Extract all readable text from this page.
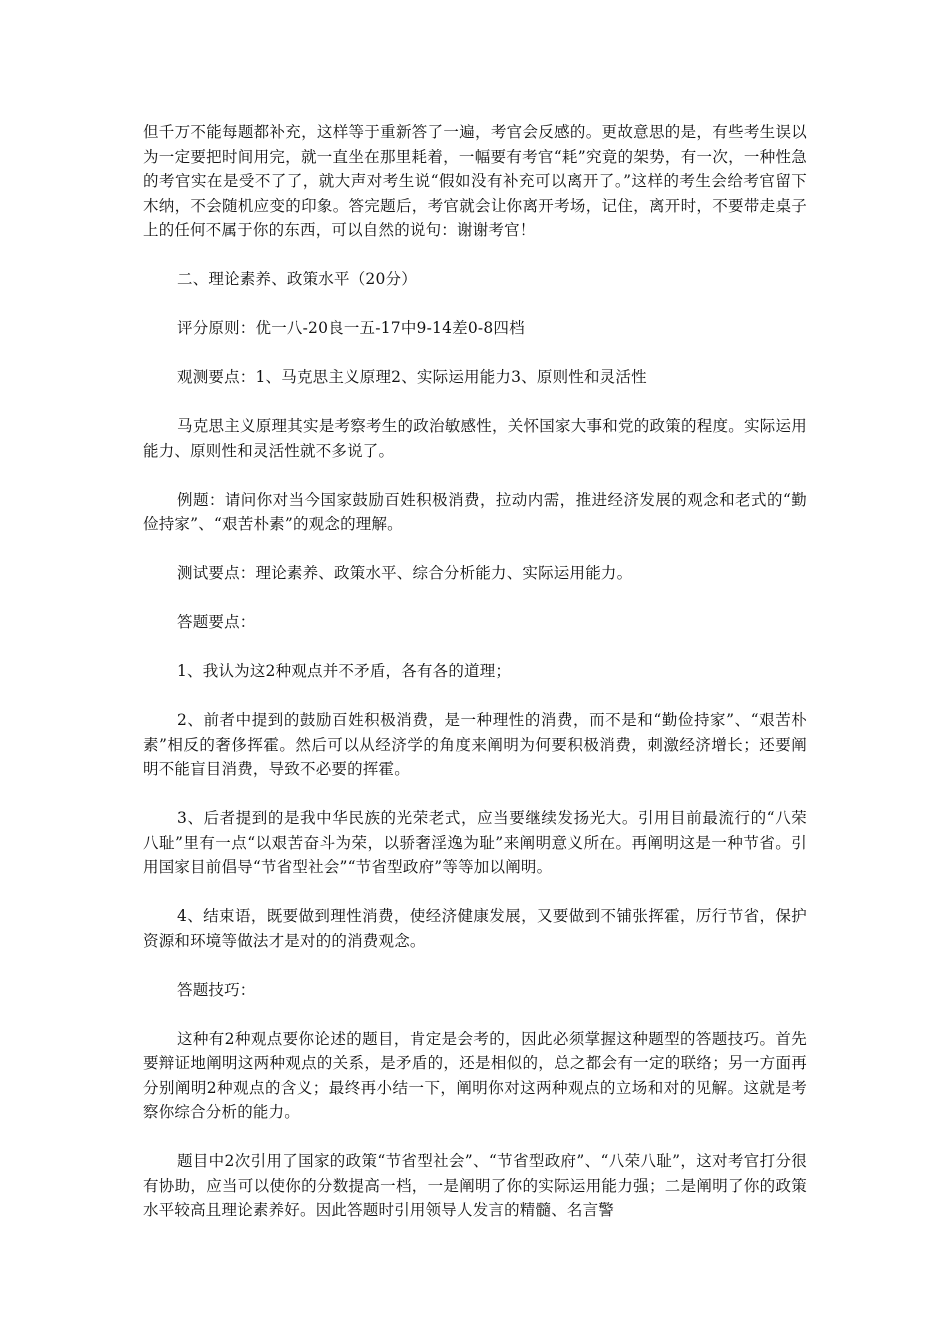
但千万不能每题都补充，这样等于重新答了一遍，考官会反感的。更故意思的是，有些考生误以为一定要把时间用完，就一直坐在那里耗着，一幅要有考官“耗”究竟的架势，有一次，一种性急的考官实在是受不了了，就大声对考生说“假如没有补充可以离开了。”这样的考生会给考官留下木纳，不会随机应变的印象。答完题后，考官就会让你离开考场，记住，离开时，不要带走桌子上的任何不属于你的东西，可以自然的说句：谢谢考官！

二、理论素养、政策水平（20分）

评分原则：优一八-20良一五-17中9-14差0-8四档

观测要点：1、马克思主义原理2、实际运用能力3、原则性和灵活性

马克思主义原理其实是考察考生的政治敏感性，关怀国家大事和党的政策的程度。实际运用能力、原则性和灵活性就不多说了。

例题：请问你对当今国家鼓励百姓积极消费，拉动内需，推进经济发展的观念和老式的“勤俭持家”、“艰苦朴素”的观念的理解。

测试要点：理论素养、政策水平、综合分析能力、实际运用能力。

答题要点：

1、我认为这2种观点并不矛盾，各有各的道理；

2、前者中提到的鼓励百姓积极消费，是一种理性的消费，而不是和“勤俭持家”、“艰苦朴素”相反的奢侈挥霍。然后可以从经济学的角度来阐明为何要积极消费，刺激经济增长；还要阐明不能盲目消费，导致不必要的挥霍。

3、后者提到的是我中华民族的光荣老式，应当要继续发扬光大。引用目前最流行的“八荣八耻”里有一点“以艰苦奋斗为荣，以骄奢淫逸为耻”来阐明意义所在。再阐明这是一种节省。引用国家目前倡导“节省型社会”“节省型政府”等等加以阐明。

4、结束语，既要做到理性消费，使经济健康发展，又要做到不铺张挥霍，厉行节省，保护资源和环境等做法才是对的的消费观念。

答题技巧：

这种有2种观点要你论述的题目，肯定是会考的，因此必须掌握这种题型的答题技巧。首先要辩证地阐明这两种观点的关系，是矛盾的，还是相似的，总之都会有一定的联络；另一方面再分别阐明2种观点的含义；最终再小结一下，阐明你对这两种观点的立场和对的见解。这就是考察你综合分析的能力。

题目中2次引用了国家的政策“节省型社会”、“节省型政府”、“八荣八耻”，这对考官打分很有协助，应当可以使你的分数提高一档，一是阐明了你的实际运用能力强；二是阐明了你的政策水平较高且理论素养好。因此答题时引用领导人发言的精髓、名言警
